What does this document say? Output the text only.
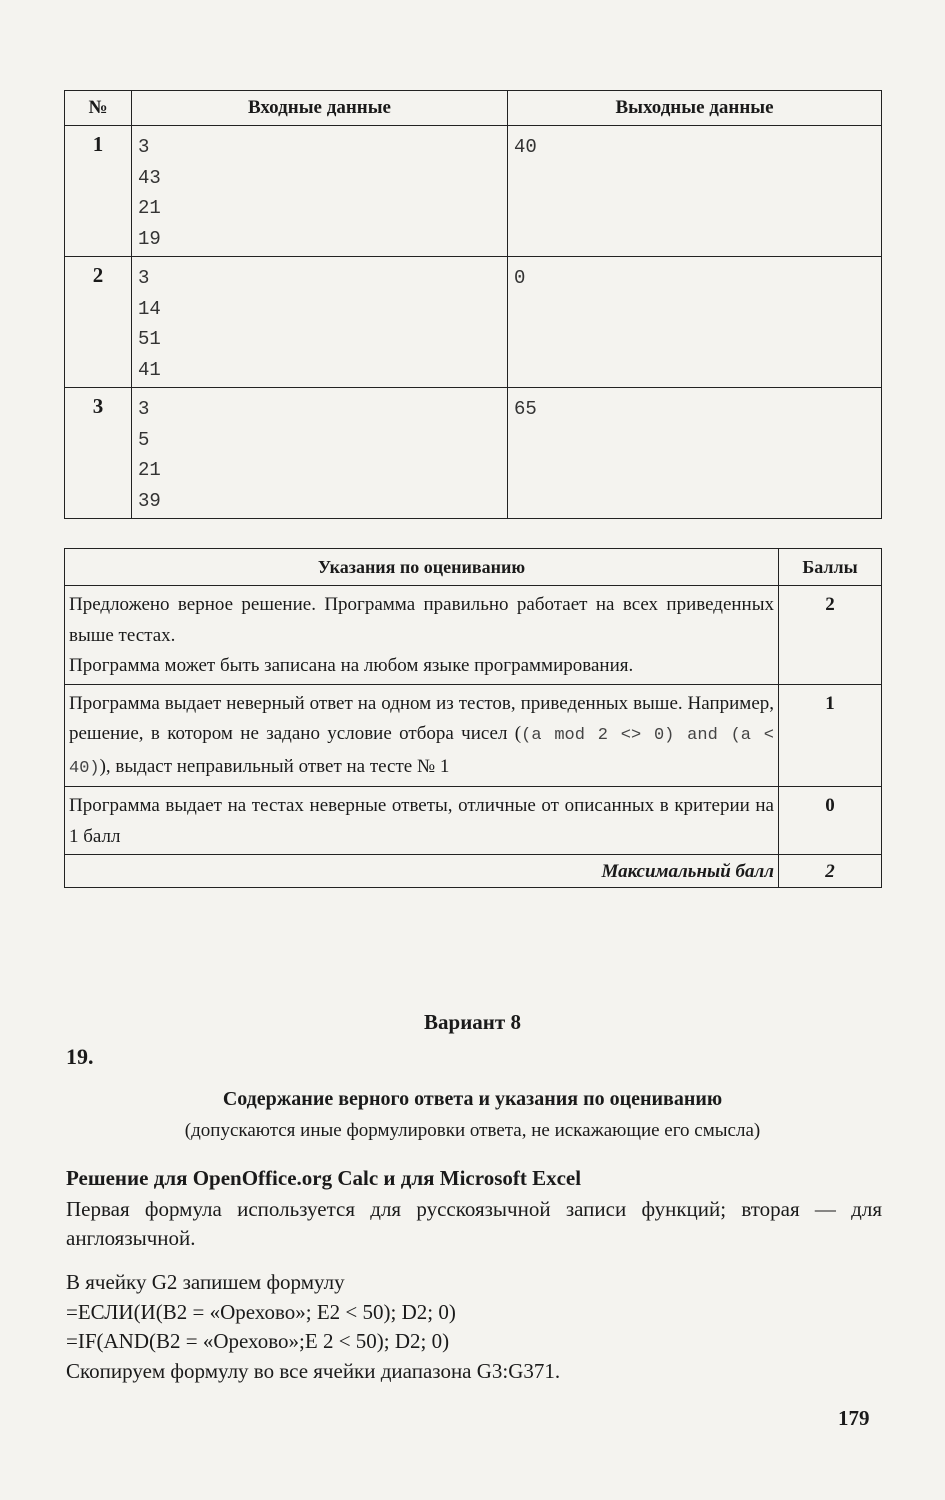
№	Входные данные	Выходные данные
1	3
43
21
19	40

2	3
14
51
41	0

3	3
5
21
39	65
Указания по оцениванию	Баллы

Предложено верное решение. Программа правильно работает на всех приведенных выше тестах.
Программа может быть записана на любом языке программирования.	2
Программа выдает неверный ответ на одном из тестов, приведенных выше. Например, решение, в котором не задано условие отбора чисел ((a mod 2 <> 0) and (a < 40)), выдаст неправильный ответ на тесте № 1	1
Программа выдает на тестах неверные ответы, отличные от описанных в критерии на 1 балл	0
Максимальный балл	2
Вариант 8
19.
Содержание верного ответа и указания по оцениванию
(допускаются иные формулировки ответа, не искажающие его смысла)
Решение для OpenOffice.org Calc и для Microsoft Excel
Первая формула используется для русскоязычной записи функций; вторая — для англоязычной.
В ячейку G2 запишем формулу
=ЕСЛИ(И(B2 = «Орехово»; E2 < 50); D2; 0)
=IF(AND(B2 = «Орехово»;E 2 < 50); D2; 0)
Скопируем формулу во все ячейки диапазона G3:G371.
179
